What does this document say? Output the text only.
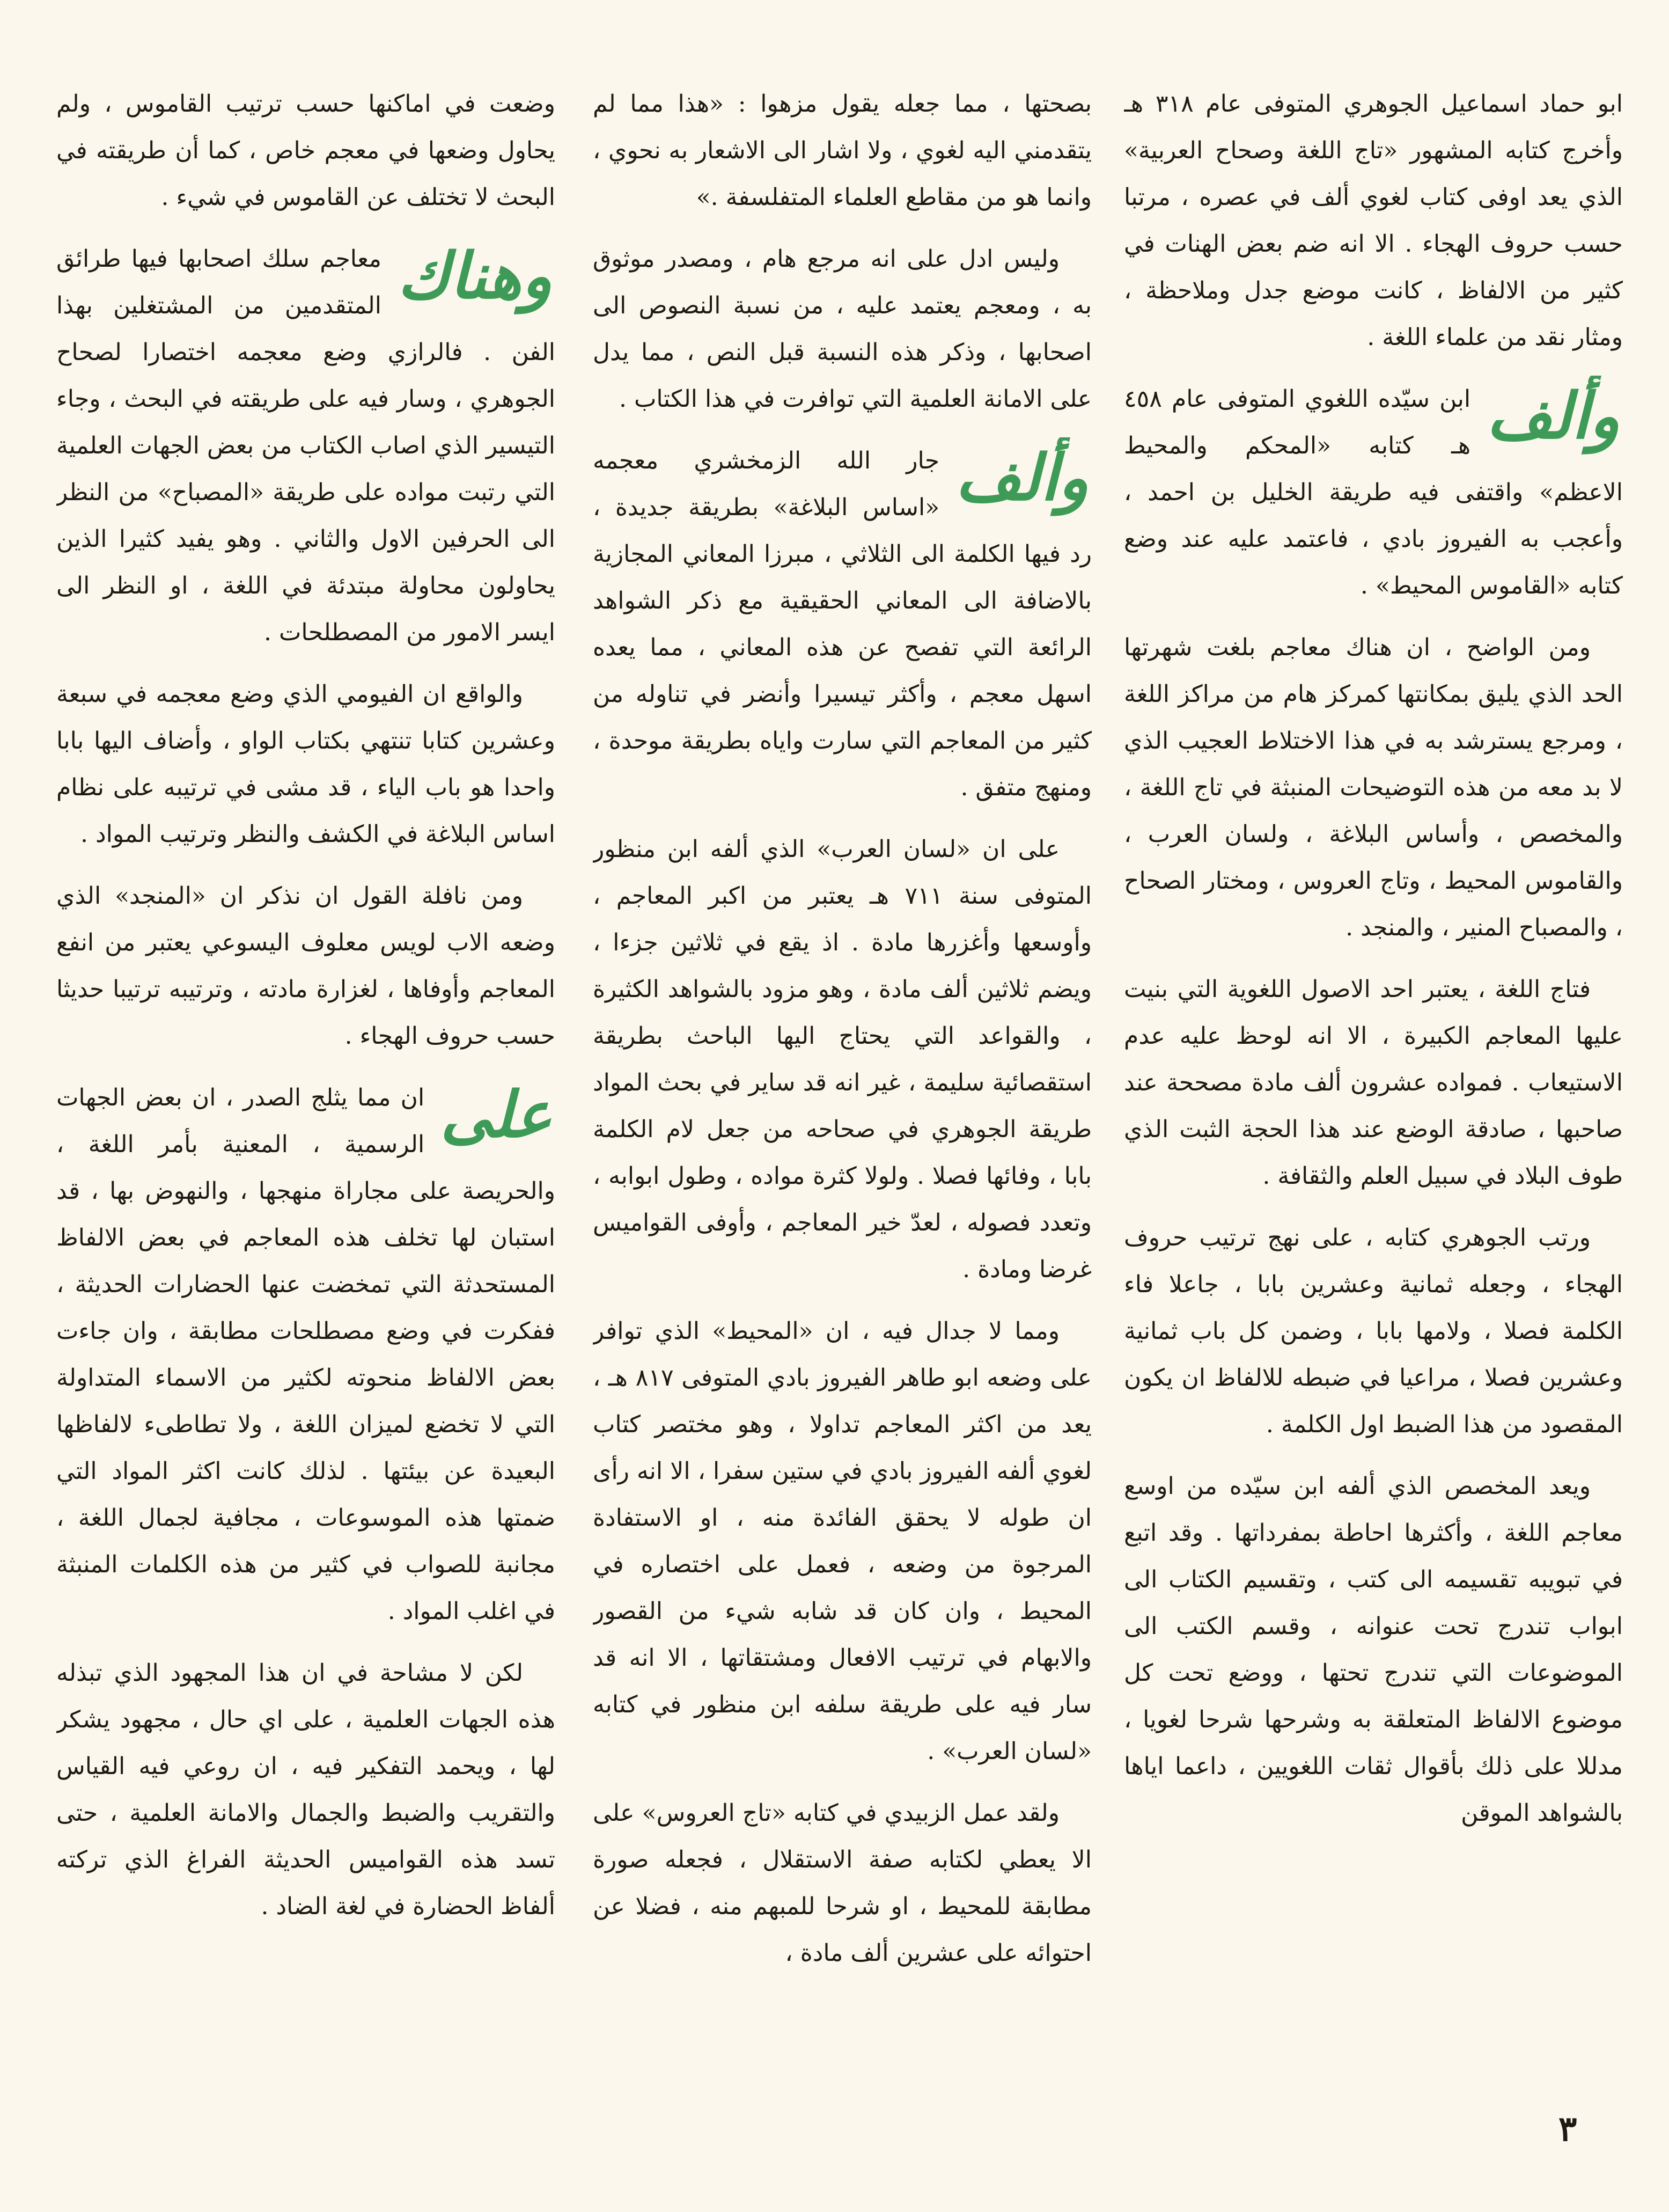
ابو حماد اسماعيل الجوهري المتوفى عام ٣١٨ هـ وأخرج كتابه المشهور «تاج اللغة وصحاح العربية» الذي يعد اوفى كتاب لغوي ألف في عصره ، مرتبا حسب حروف الهجاء . الا انه ضم بعض الهنات في كثير من الالفاظ ، كانت موضع جدل وملاحظة ، ومثار نقد من علماء اللغة .

وألف
ابن سيّده اللغوي المتوفى عام ٤٥٨ هـ كتابه «المحكم والمحيط الاعظم» واقتفى فيه طريقة الخليل بن احمد ، وأعجب به الفيروز بادي ، فاعتمد عليه عند وضع كتابه «القاموس المحيط» .

ومن الواضح ، ان هناك معاجم بلغت شهرتها الحد الذي يليق بمكانتها كمركز هام من مراكز اللغة ، ومرجع يسترشد به في هذا الاختلاط العجيب الذي لا بد معه من هذه التوضيحات المنبثة في تاج اللغة ، والمخصص ، وأساس البلاغة ، ولسان العرب ، والقاموس المحيط ، وتاج العروس ، ومختار الصحاح ، والمصباح المنير ، والمنجد .

فتاج اللغة ، يعتبر احد الاصول اللغوية التي بنيت عليها المعاجم الكبيرة ، الا انه لوحظ عليه عدم الاستيعاب . فمواده عشرون ألف مادة مصححة عند صاحبها ، صادقة الوضع عند هذا الحجة الثبت الذي طوف البلاد في سبيل العلم والثقافة .

ورتب الجوهري كتابه ، على نهج ترتيب حروف الهجاء ، وجعله ثمانية وعشرين بابا ، جاعلا فاء الكلمة فصلا ، ولامها بابا ، وضمن كل باب ثمانية وعشرين فصلا ، مراعيا في ضبطه للالفاظ ان يكون المقصود من هذا الضبط اول الكلمة .

ويعد المخصص الذي ألفه ابن سيّده من اوسع معاجم اللغة ، وأكثرها احاطة بمفرداتها . وقد اتبع في تبويبه تقسيمه الى كتب ، وتقسيم الكتاب الى ابواب تندرج تحت عنوانه ، وقسم الكتب الى الموضوعات التي تندرج تحتها ، ووضع تحت كل موضوع الالفاظ المتعلقة به وشرحها شرحا لغويا ، مدللا على ذلك بأقوال ثقات اللغويين ، داعما اياها بالشواهد الموقن

بصحتها ، مما جعله يقول مزهوا : «هذا مما لم يتقدمني اليه لغوي ، ولا اشار الى الاشعار به نحوي ، وانما هو من مقاطع العلماء المتفلسفة .»

وليس ادل على انه مرجع هام ، ومصدر موثوق به ، ومعجم يعتمد عليه ، من نسبة النصوص الى اصحابها ، وذكر هذه النسبة قبل النص ، مما يدل على الامانة العلمية التي توافرت في هذا الكتاب .

وألف
جار الله الزمخشري معجمه «اساس البلاغة» بطريقة جديدة ، رد فيها الكلمة الى الثلاثي ، مبرزا المعاني المجازية بالاضافة الى المعاني الحقيقية مع ذكر الشواهد الرائعة التي تفصح عن هذه المعاني ، مما يعده اسهل معجم ، وأكثر تيسيرا وأنضر في تناوله من كثير من المعاجم التي سارت واياه بطريقة موحدة ، ومنهج متفق .

على ان «لسان العرب» الذي ألفه ابن منظور المتوفى سنة ٧١١ هـ يعتبر من اكبر المعاجم ، وأوسعها وأغزرها مادة . اذ يقع في ثلاثين جزءا ، ويضم ثلاثين ألف مادة ، وهو مزود بالشواهد الكثيرة ، والقواعد التي يحتاج اليها الباحث بطريقة استقصائية سليمة ، غير انه قد ساير في بحث المواد طريقة الجوهري في صحاحه من جعل لام الكلمة بابا ، وفائها فصلا . ولولا كثرة مواده ، وطول ابوابه ، وتعدد فصوله ، لعدّ خير المعاجم ، وأوفى القواميس غرضا ومادة .

ومما لا جدال فيه ، ان «المحيط» الذي توافر على وضعه ابو طاهر الفيروز بادي المتوفى ٨١٧ هـ ، يعد من اكثر المعاجم تداولا ، وهو مختصر كتاب لغوي ألفه الفيروز بادي في ستين سفرا ، الا انه رأى ان طوله لا يحقق الفائدة منه ، او الاستفادة المرجوة من وضعه ، فعمل على اختصاره في المحيط ، وان كان قد شابه شيء من القصور والابهام في ترتيب الافعال ومشتقاتها ، الا انه قد سار فيه على طريقة سلفه ابن منظور في كتابه «لسان العرب» .

ولقد عمل الزبيدي في كتابه «تاج العروس» على الا يعطي لكتابه صفة الاستقلال ، فجعله صورة مطابقة للمحيط ، او شرحا للمبهم منه ، فضلا عن احتوائه على عشرين ألف مادة ،

وضعت في اماكنها حسب ترتيب القاموس ، ولم يحاول وضعها في معجم خاص ، كما أن طريقته في البحث لا تختلف عن القاموس في شيء .

وهناك
معاجم سلك اصحابها فيها طرائق المتقدمين من المشتغلين بهذا الفن . فالرازي وضع معجمه اختصارا لصحاح الجوهري ، وسار فيه على طريقته في البحث ، وجاء التيسير الذي اصاب الكتاب من بعض الجهات العلمية التي رتبت مواده على طريقة «المصباح» من النظر الى الحرفين الاول والثاني . وهو يفيد كثيرا الذين يحاولون محاولة مبتدئة في اللغة ، او النظر الى ايسر الامور من المصطلحات .

والواقع ان الفيومي الذي وضع معجمه في سبعة وعشرين كتابا تنتهي بكتاب الواو ، وأضاف اليها بابا واحدا هو باب الياء ، قد مشى في ترتيبه على نظام اساس البلاغة في الكشف والنظر وترتيب المواد .

ومن نافلة القول ان نذكر ان «المنجد» الذي وضعه الاب لويس معلوف اليسوعي يعتبر من انفع المعاجم وأوفاها ، لغزارة مادته ، وترتيبه ترتيبا حديثا حسب حروف الهجاء .

على
ان مما يثلج الصدر ، ان بعض الجهات الرسمية ، المعنية بأمر اللغة ، والحريصة على مجاراة منهجها ، والنهوض بها ، قد استبان لها تخلف هذه المعاجم في بعض الالفاظ المستحدثة التي تمخضت عنها الحضارات الحديثة ، ففكرت في وضع مصطلحات مطابقة ، وان جاءت بعض الالفاظ منحوته لكثير من الاسماء المتداولة التي لا تخضع لميزان اللغة ، ولا تطاطىء لالفاظها البعيدة عن بيئتها . لذلك كانت اكثر المواد التي ضمتها هذه الموسوعات ، مجافية لجمال اللغة ، مجانبة للصواب في كثير من هذه الكلمات المنبثة في اغلب المواد .

لكن لا مشاحة في ان هذا المجهود الذي تبذله هذه الجهات العلمية ، على اي حال ، مجهود يشكر لها ، ويحمد التفكير فيه ، ان روعي فيه القياس والتقريب والضبط والجمال والامانة العلمية ، حتى تسد هذه القواميس الحديثة الفراغ الذي تركته ألفاظ الحضارة في لغة الضاد .

٣
